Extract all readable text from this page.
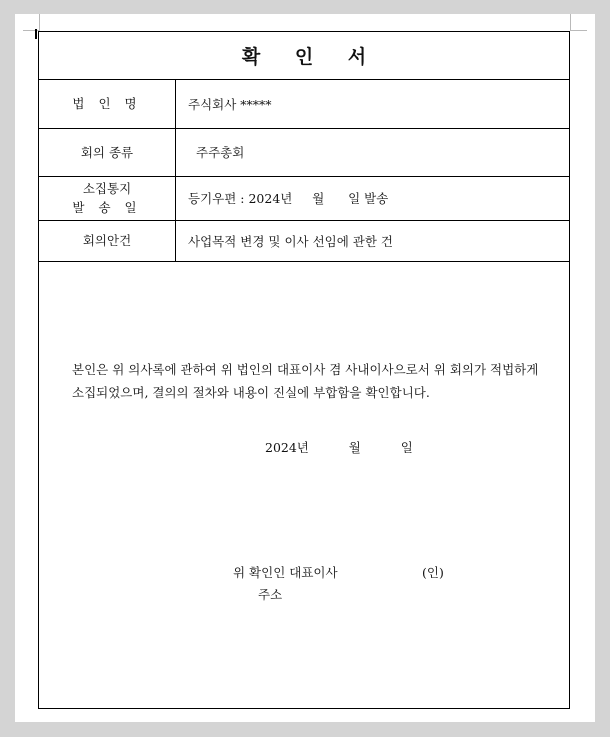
확 인 서
법 인 명	주식회사 *****
회의 종류	주주총회

소집통지
발 송 일	등기우편 : 2024년     월      일 발송
회의안건	사업목적 변경 및 이사 선임에 관한 건
본인은 위 의사록에 관하여 위 법인의 대표이사 겸 사내이사으로서 위 회의가 적법하게 소집되었으며, 결의의 절차와 내용이 진실에 부합함을 확인합니다.
2024년    월    일
위 확인인 대표이사	(인)
주소
